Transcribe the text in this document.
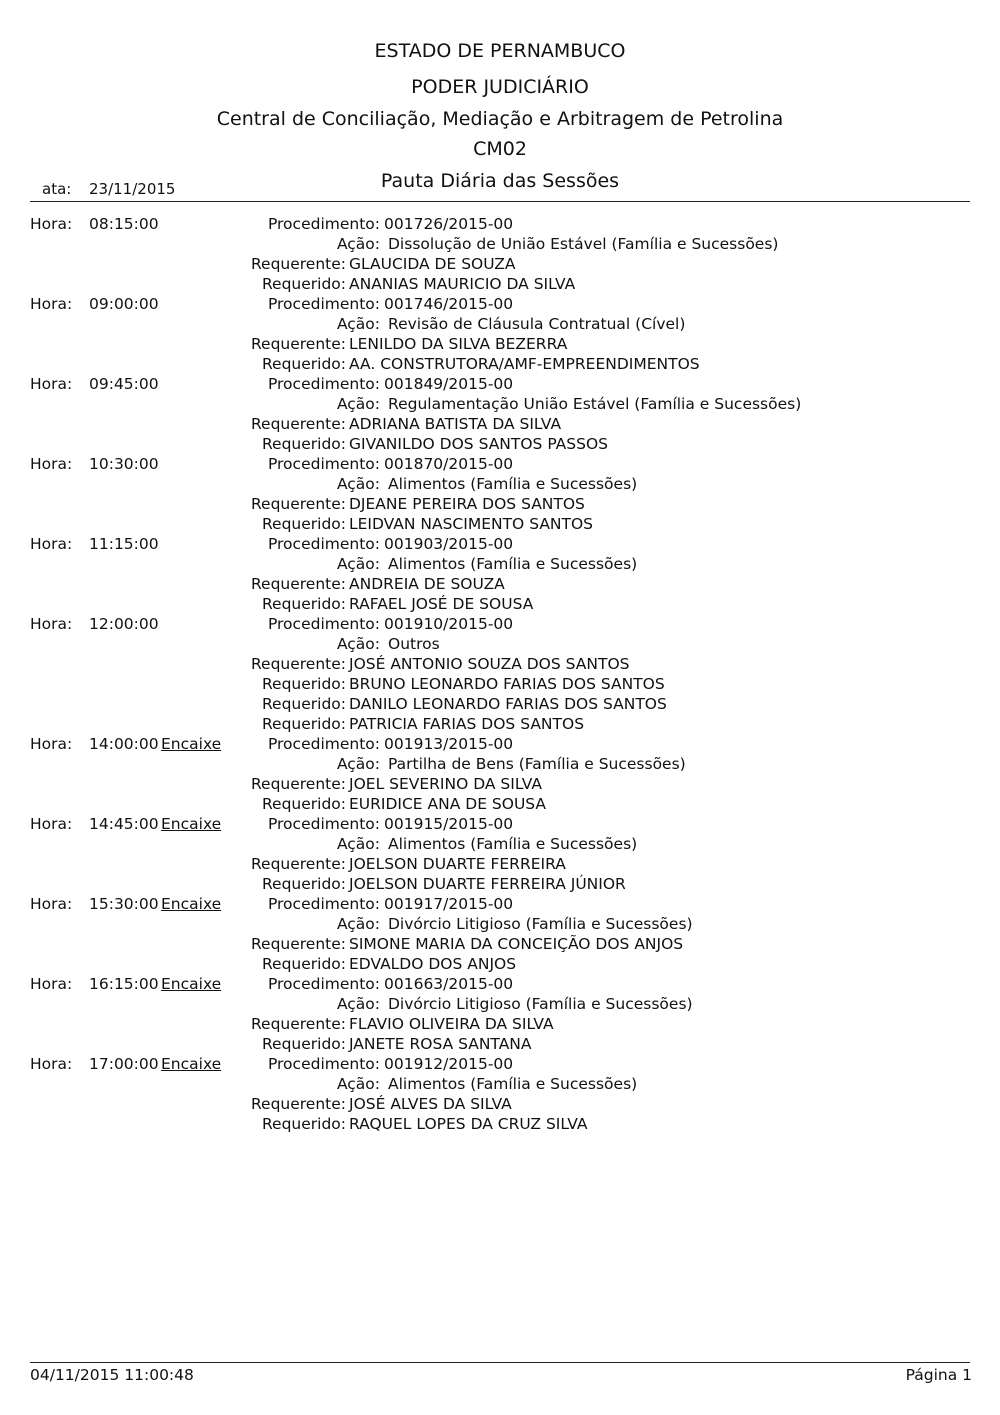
ESTADO DE PERNAMBUCO
PODER JUDICIÁRIO
Central de Conciliação, Mediação e Arbitragem de Petrolina
CM02
Pauta Diária das Sessões
ata: 23/11/2015
Hora: 08:15:00	Procedimento: 001726/2015-00
Ação: Dissolução de União Estável (Família e Sucessões)
Requerente: GLAUCIDA DE SOUZA
Requerido: ANANIAS MAURICIO DA SILVA
Hora: 09:00:00	Procedimento: 001746/2015-00
Ação: Revisão de Cláusula Contratual (Cível)
Requerente: LENILDO DA SILVA BEZERRA
Requerido: AA. CONSTRUTORA/AMF-EMPREENDIMENTOS
Hora: 09:45:00	Procedimento: 001849/2015-00
Ação: Regulamentação União Estável (Família e Sucessões)
Requerente: ADRIANA BATISTA DA SILVA
Requerido: GIVANILDO DOS SANTOS PASSOS
Hora: 10:30:00	Procedimento: 001870/2015-00
Ação: Alimentos (Família e Sucessões)
Requerente: DJEANE PEREIRA DOS SANTOS
Requerido: LEIDVAN NASCIMENTO SANTOS
Hora: 11:15:00	Procedimento: 001903/2015-00
Ação: Alimentos (Família e Sucessões)
Requerente: ANDREIA DE SOUZA
Requerido: RAFAEL JOSÉ DE SOUSA
Hora: 12:00:00	Procedimento: 001910/2015-00
Ação: Outros
Requerente: JOSÉ ANTONIO SOUZA DOS SANTOS
Requerido: BRUNO LEONARDO FARIAS DOS SANTOS
Requerido: DANILO LEONARDO FARIAS DOS SANTOS
Requerido: PATRICIA FARIAS DOS SANTOS
Hora: 14:00:00 Encaixe	Procedimento: 001913/2015-00
Ação: Partilha de Bens (Família e Sucessões)
Requerente: JOEL SEVERINO DA SILVA
Requerido: EURIDICE ANA DE SOUSA
Hora: 14:45:00 Encaixe	Procedimento: 001915/2015-00
Ação: Alimentos (Família e Sucessões)
Requerente: JOELSON DUARTE FERREIRA
Requerido: JOELSON DUARTE FERREIRA JÚNIOR
Hora: 15:30:00 Encaixe	Procedimento: 001917/2015-00
Ação: Divórcio Litigioso (Família e Sucessões)
Requerente: SIMONE MARIA DA CONCEIÇÃO DOS ANJOS
Requerido: EDVALDO DOS ANJOS
Hora: 16:15:00 Encaixe	Procedimento: 001663/2015-00
Ação: Divórcio Litigioso (Família e Sucessões)
Requerente: FLAVIO OLIVEIRA DA SILVA
Requerido: JANETE ROSA SANTANA
Hora: 17:00:00 Encaixe	Procedimento: 001912/2015-00
Ação: Alimentos (Família e Sucessões)
Requerente: JOSÉ ALVES DA SILVA
Requerido: RAQUEL LOPES DA CRUZ SILVA
04/11/2015 11:00:48	Página 1
